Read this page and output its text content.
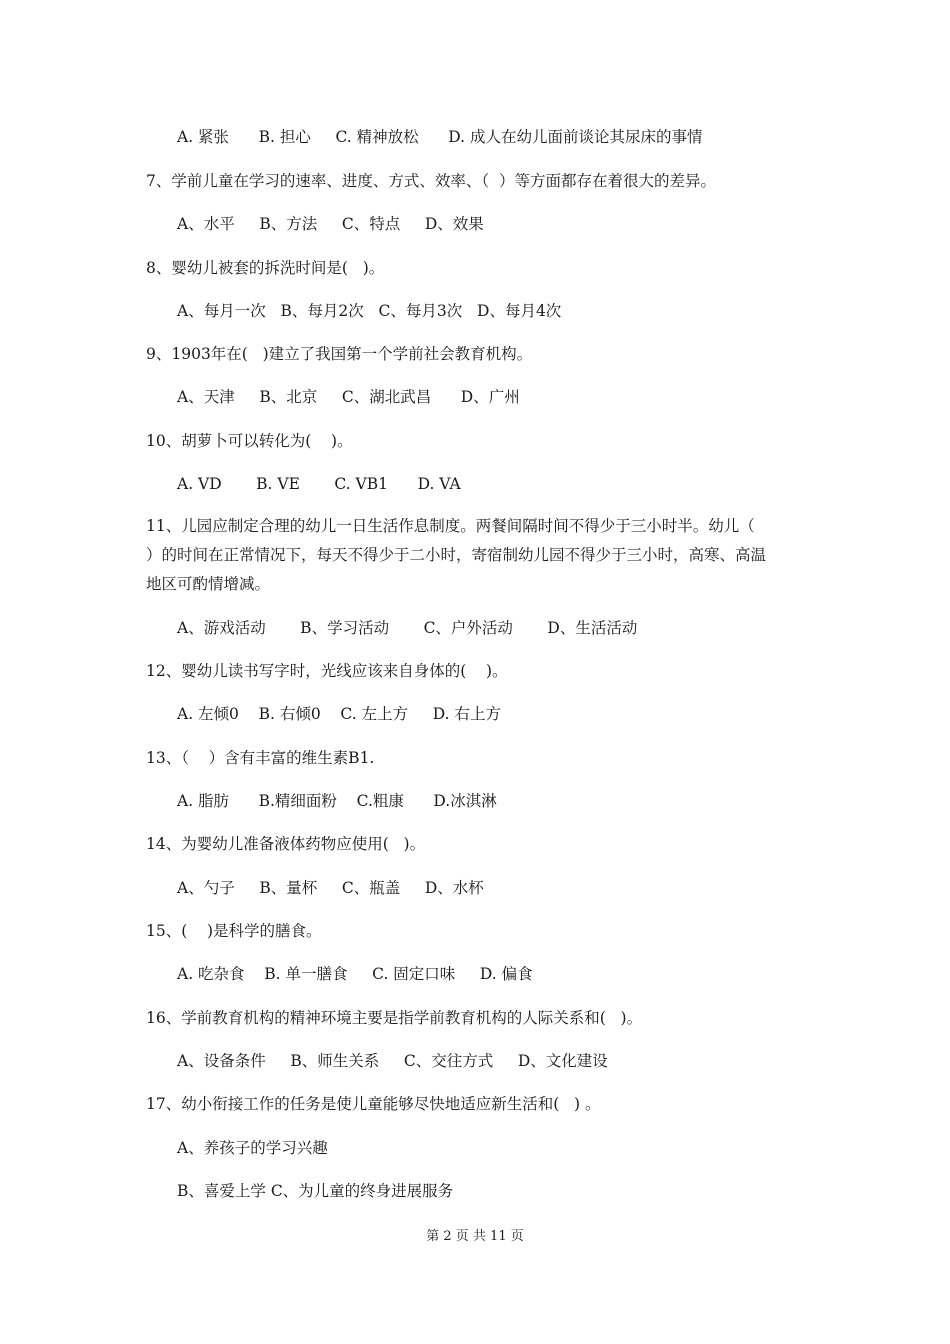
A. 紧张      B. 担心     C. 精神放松      D. 成人在幼儿面前谈论其尿床的事情
7、学前儿童在学习的速率、进度、方式、效率、（  ）等方面都存在着很大的差异。
A、水平     B、方法     C、特点     D、效果
8、婴幼儿被套的拆洗时间是(   )。
A、每月一次   B、每月2次   C、每月3次   D、每月4次
9、1903年在(   )建立了我国第一个学前社会教育机构。
A、天津     B、北京     C、湖北武昌      D、广州
10、胡萝卜可以转化为(    )。
A. VD       B. VE       C. VB1      D. VA
11、儿园应制定合理的幼儿一日生活作息制度。两餐间隔时间不得少于三小时半。幼儿（
）的时间在正常情况下，每天不得少于二小时，寄宿制幼儿园不得少于三小时，高寒、高温
地区可酌情增减。
A、游戏活动       B、学习活动       C、户外活动       D、生活活动
12、婴幼儿读书写字时，光线应该来自身体的(    )。
A. 左倾0    B. 右倾0    C. 左上方     D. 右上方
13、（    ）含有丰富的维生素B1.
A. 脂肪      B.精细面粉    C.粗康      D.冰淇淋
14、为婴幼儿准备液体药物应使用(   )。
A、勺子     B、量杯     C、瓶盖     D、水杯
15、(    )是科学的膳食。
A. 吃杂食    B. 单一膳食     C. 固定口味     D. 偏食
16、学前教育机构的精神环境主要是指学前教育机构的人际关系和(   )。
A、设备条件     B、师生关系     C、交往方式     D、文化建设
17、幼小衔接工作的任务是使儿童能够尽快地适应新生活和(   ) 。
A、养孩子的学习兴趣
B、喜爱上学 C、为儿童的终身进展服务
第 2 页 共 11 页
